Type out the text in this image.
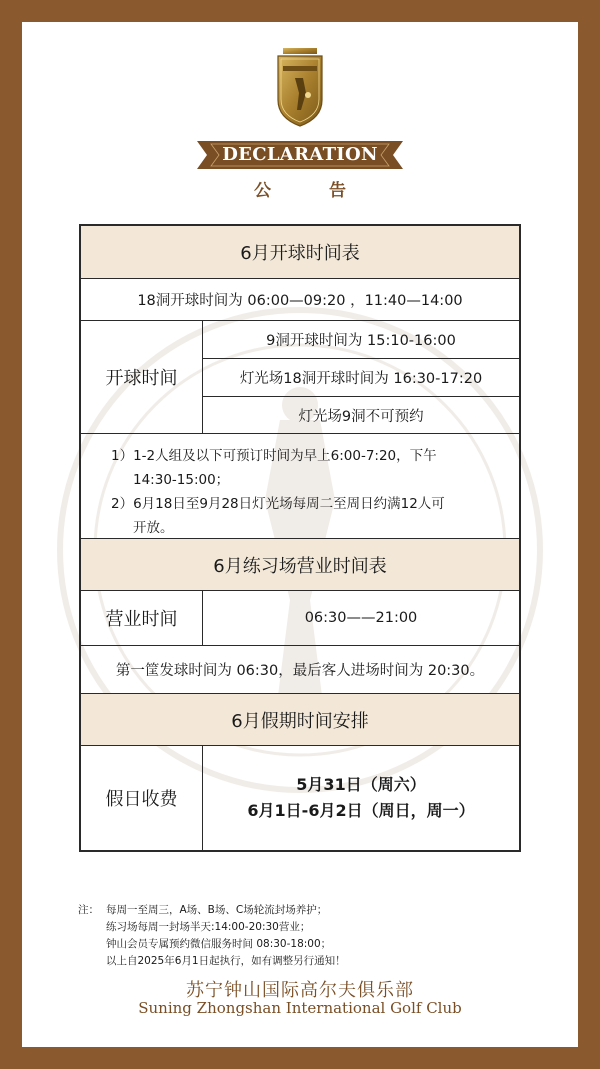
DECLARATION
公 告
6月开球时间表
18洞开球时间为 06:00—09:20 ，11:40—14:00
开球时间
9洞开球时间为 15:10-16:00
灯光场18洞开球时间为 16:30-17:20
灯光场9洞不可预约
1）1-2人组及以下可预订时间为早上6:00-7:20，下午
14:30-15:00；
2）6月18日至9月28日灯光场每周二至周日约满12人可
开放。
6月练习场营业时间表
营业时间	06:30——21:00
第一筐发球时间为 06:30，最后客人进场时间为 20:30。
6月假期时间安排
假日收费
5月31日（周六）
6月1日-6月2日（周日，周一）
注： 每周一至周三，A场、B场、C场轮流封场养护；
练习场每周一封场半天:14:00-20:30营业；
钟山会员专属预约微信服务时间 08:30-18:00；
以上自2025年6月1日起执行，如有调整另行通知！
苏宁钟山国际高尔夫俱乐部
Suning Zhongshan International Golf Club
